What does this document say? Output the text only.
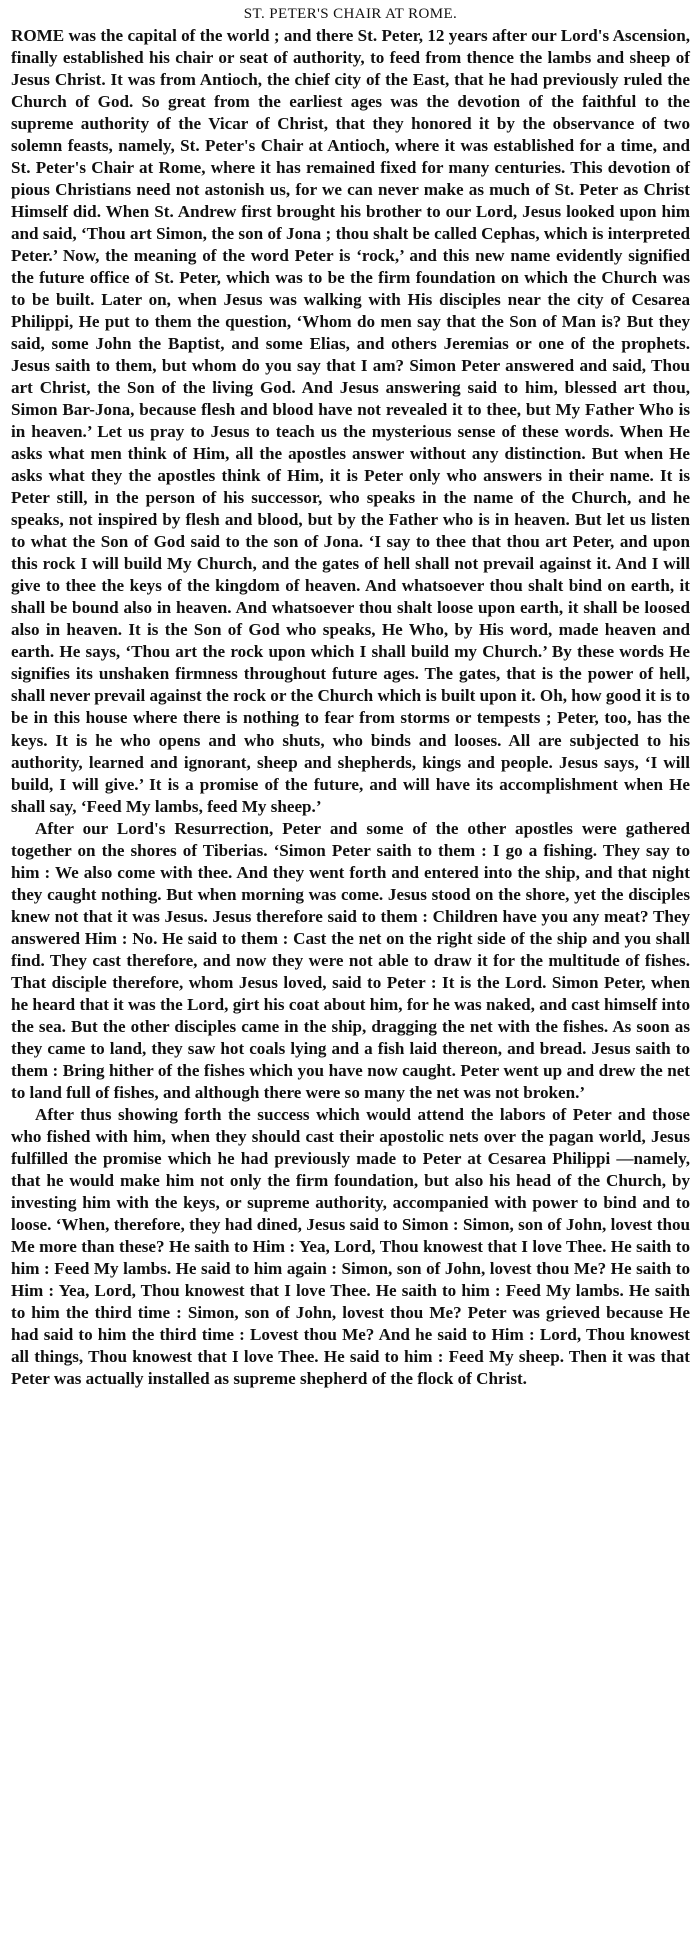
ST. PETER'S CHAIR AT ROME.

ROME was the capital of the world ; and there St. Peter, 12 years after our Lord's Ascension, finally established his chair or seat of authority, to feed from thence the lambs and sheep of Jesus Christ. It was from Antioch, the chief city of the East, that he had previously ruled the Church of God. So great from the earliest ages was the devotion of the faithful to the supreme authority of the Vicar of Christ, that they honored it by the observance of two solemn feasts, namely, St. Peter's Chair at Antioch, where it was established for a time, and St. Peter's Chair at Rome, where it has remained fixed for many centuries. This devotion of pious Christians need not astonish us, for we can never make as much of St. Peter as Christ Himself did. When St. Andrew first brought his brother to our Lord, Jesus looked upon him and said, ‘Thou art Simon, the son of Jona ; thou shalt be called Cephas, which is interpreted Peter.’ Now, the meaning of the word Peter is ‘rock,’ and this new name evidently signified the future office of St. Peter, which was to be the firm foundation on which the Church was to be built. Later on, when Jesus was walking with His disciples near the city of Cesarea Philippi, He put to them the question, ‘Whom do men say that the Son of Man is? But they said, some John the Baptist, and some Elias, and others Jeremias or one of the prophets. Jesus saith to them, but whom do you say that I am? Simon Peter answered and said, Thou art Christ, the Son of the living God. And Jesus answering said to him, blessed art thou, Simon Bar-Jona, because flesh and blood have not revealed it to thee, but My Father Who is in heaven.’ Let us pray to Jesus to teach us the mysterious sense of these words. When He asks what men think of Him, all the apostles answer without any distinction. But when He asks what they the apostles think of Him, it is Peter only who answers in their name. It is Peter still, in the person of his successor, who speaks in the name of the Church, and he speaks, not inspired by flesh and blood, but by the Father who is in heaven. But let us listen to what the Son of God said to the son of Jona. ‘I say to thee that thou art Peter, and upon this rock I will build My Church, and the gates of hell shall not prevail against it. And I will give to thee the keys of the kingdom of heaven. And whatsoever thou shalt bind on earth, it shall be bound also in heaven. And whatsoever thou shalt loose upon earth, it shall be loosed also in heaven. It is the Son of God who speaks, He Who, by His word, made heaven and earth. He says, ‘Thou art the rock upon which I shall build my Church.’ By these words He signifies its unshaken firmness throughout future ages. The gates, that is the power of hell, shall never prevail against the rock or the Church which is built upon it. Oh, how good it is to be in this house where there is nothing to fear from storms or tempests ; Peter, too, has the keys. It is he who opens and who shuts, who binds and looses. All are subjected to his authority, learned and ignorant, sheep and shepherds, kings and people. Jesus says, ‘I will build, I will give.’ It is a promise of the future, and will have its accomplishment when He shall say, ‘Feed My lambs, feed My sheep.’

After our Lord's Resurrection, Peter and some of the other apostles were gathered together on the shores of Tiberias. ‘Simon Peter saith to them : I go a fishing. They say to him : We also come with thee. And they went forth and entered into the ship, and that night they caught nothing. But when morning was come. Jesus stood on the shore, yet the disciples knew not that it was Jesus. Jesus therefore said to them : Children have you any meat? They answered Him : No. He said to them : Cast the net on the right side of the ship and you shall find. They cast therefore, and now they were not able to draw it for the multitude of fishes. That disciple therefore, whom Jesus loved, said to Peter : It is the Lord. Simon Peter, when he heard that it was the Lord, girt his coat about him, for he was naked, and cast himself into the sea. But the other disciples came in the ship, dragging the net with the fishes. As soon as they came to land, they saw hot coals lying and a fish laid thereon, and bread. Jesus saith to them : Bring hither of the fishes which you have now caught. Peter went up and drew the net to land full of fishes, and although there were so many the net was not broken.’

After thus showing forth the success which would attend the labors of Peter and those who fished with him, when they should cast their apostolic nets over the pagan world, Jesus fulfilled the promise which he had previously made to Peter at Cesarea Philippi —namely, that he would make him not only the firm foundation, but also his head of the Church, by investing him with the keys, or supreme authority, accompanied with power to bind and to loose. ‘When, therefore, they had dined, Jesus said to Simon : Simon, son of John, lovest thou Me more than these? He saith to Him : Yea, Lord, Thou knowest that I love Thee. He saith to him : Feed My lambs. He said to him again : Simon, son of John, lovest thou Me? He saith to Him : Yea, Lord, Thou knowest that I love Thee. He saith to him : Feed My lambs. He saith to him the third time : Simon, son of John, lovest thou Me? Peter was grieved because He had said to him the third time : Lovest thou Me? And he said to Him : Lord, Thou knowest all things, Thou knowest that I love Thee. He said to him : Feed My sheep. Then it was that Peter was actually installed as supreme shepherd of the flock of Christ.
